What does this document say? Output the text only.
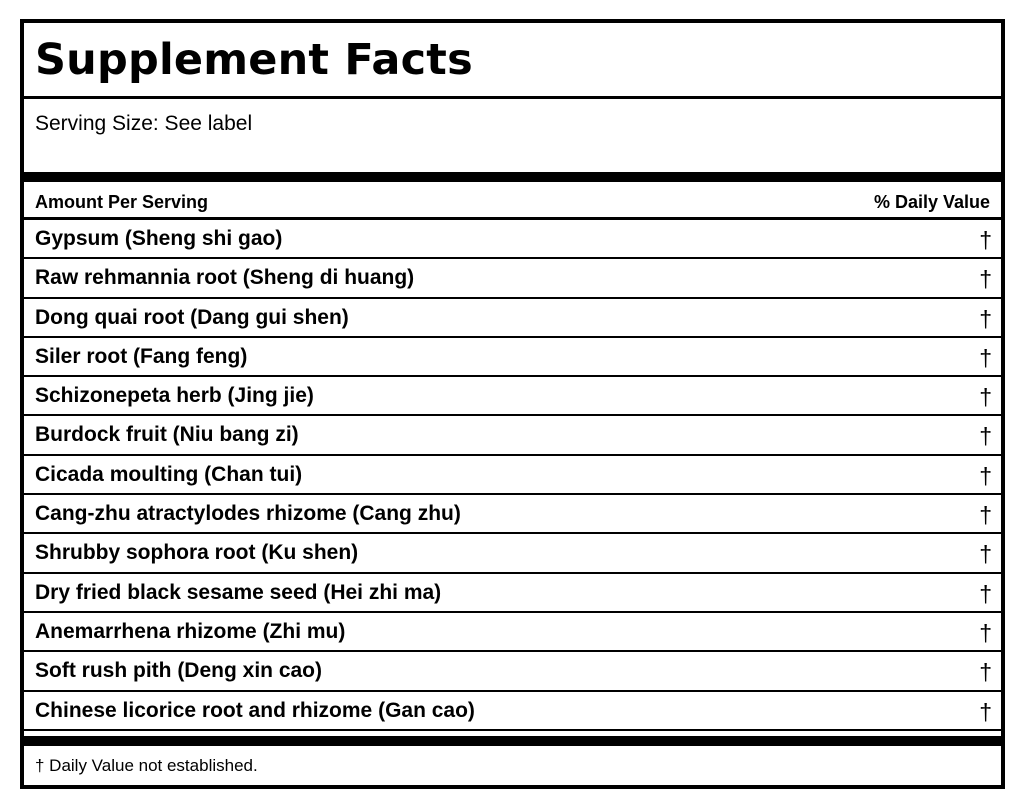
Supplement Facts
Serving Size: See label
Amount Per Serving	% Daily Value
Gypsum (Sheng shi gao)	†
Raw rehmannia root (Sheng di huang)	†
Dong quai root (Dang gui shen)	†
Siler root (Fang feng)	†
Schizonepeta herb (Jing jie)	†
Burdock fruit (Niu bang zi)	†
Cicada moulting (Chan tui)	†
Cang-zhu atractylodes rhizome (Cang zhu)	†
Shrubby sophora root (Ku shen)	†
Dry fried black sesame seed (Hei zhi ma)	†
Anemarrhena rhizome (Zhi mu)	†
Soft rush pith (Deng xin cao)	†
Chinese licorice root and rhizome (Gan cao)	†
† Daily Value not established.
